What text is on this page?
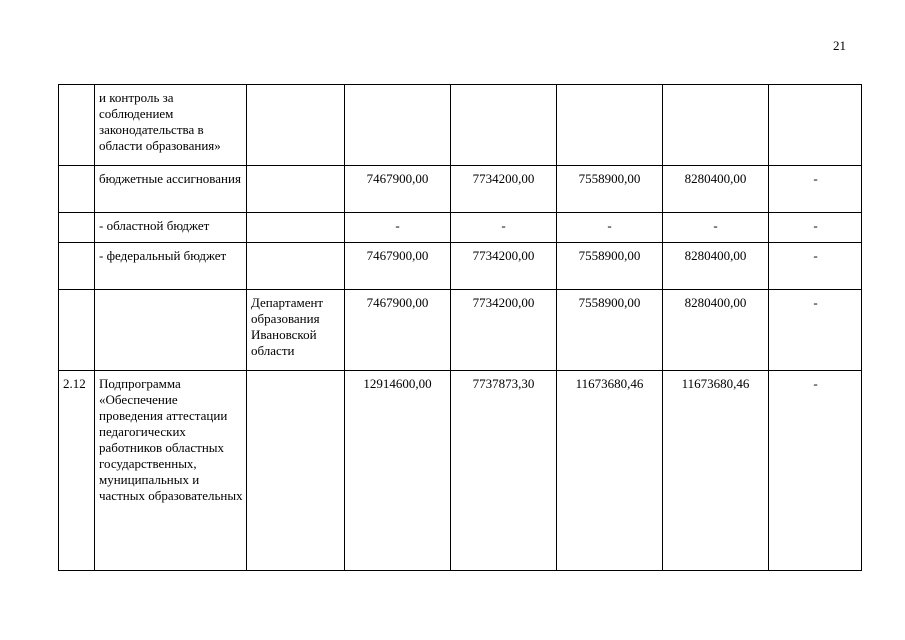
21
	и контроль за соблюдением законодательства в области образования»						
	бюджетные ассигнования		7467900,00	7734200,00	7558900,00	8280400,00	-
	- областной бюджет		-	-	-	-	-
	- федеральный бюджет		7467900,00	7734200,00	7558900,00	8280400,00	-
		Департамент образования Ивановской области	7467900,00	7734200,00	7558900,00	8280400,00	-
2.12	Подпрограмма «Обеспечение проведения аттестации педагогических работников областных государственных, муниципальных и частных образовательных		12914600,00	7737873,30	11673680,46	11673680,46	-
